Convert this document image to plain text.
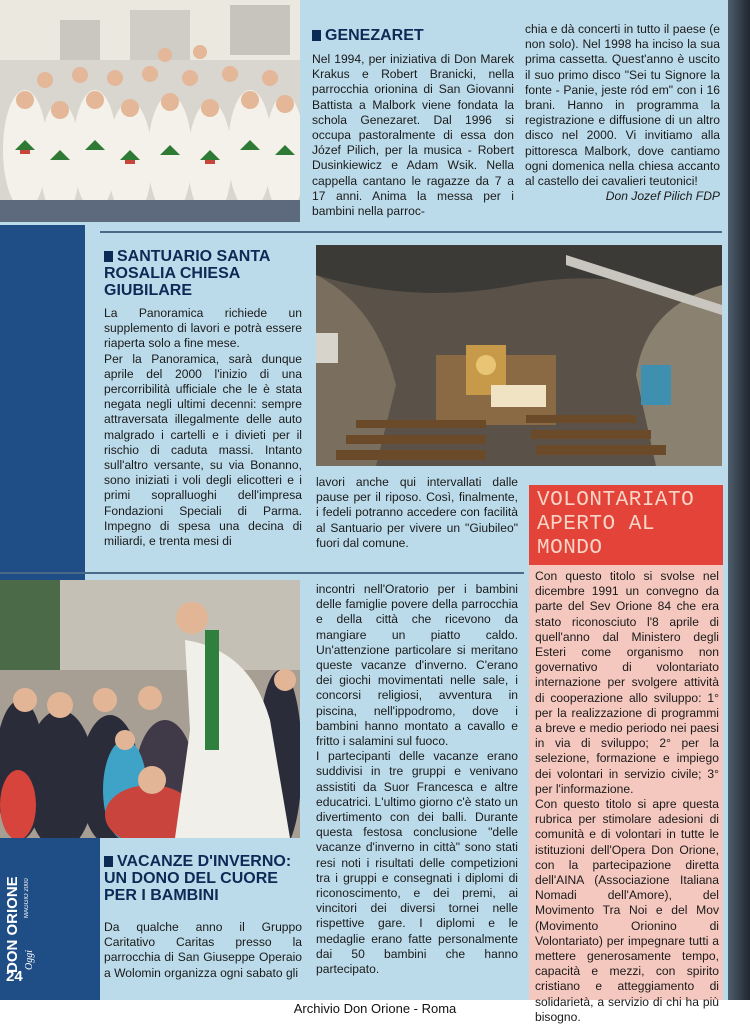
GENEZARET

Nel 1994, per iniziativa di Don Marek Krakus e Robert Branicki, nella parrocchia orionina di San Giovanni Battista a Malbork viene fondata la schola Genezaret. Dal 1996 si occupa pastoralmente di essa don Józef Pilich, per la musica - Robert Dusinkiewicz e Adam Wsik. Nella cappella cantano le ragazze da 7 a 17 anni. Anima la messa per i bambini nella parroc-

chia e dà concerti in tutto il paese (e non solo). Nel 1998 ha inciso la sua prima cassetta. Quest'anno è uscito il suo primo disco "Sei tu Signore la fonte - Panie, jeste ród em" con i 16 brani. Hanno in programma la registrazione e diffusione di un altro disco nel 2000. Vi invitiamo alla pittoresca Malbork, dove cantiamo ogni domenica nella chiesa accanto al castello dei cavalieri teutonici!

Don Jozef Pilich FDP

SANTUARIO SANTA ROSALIA CHIESA GIUBILARE

La Panoramica richiede un supplemento di lavori e potrà essere riaperta solo a fine mese.

Per la Panoramica, sarà dunque aprile del 2000 l'inizio di una percorribilità ufficiale che le è stata negata negli ultimi decenni: sempre attraversata illegalmente delle auto malgrado i cartelli e i divieti per il rischio di caduta massi. Intanto sull'altro versante, su via Bonanno, sono iniziati i voli degli elicotteri e i primi sopralluoghi dell'impresa Fondazioni Speciali di Parma. Impegno di spesa una decina di miliardi, e trenta mesi di

lavori anche qui intervallati dalle pause per il riposo. Così, finalmente, i fedeli potranno accedere con facilità al Santuario per vivere un "Giubileo" fuori dal comune.

VOLONTARIATO APERTO AL MONDO

Con questo titolo si svolse nel dicembre 1991 un convegno da parte del Sev Orione 84 che era stato riconosciuto l'8 aprile di quell'anno dal Ministero degli Esteri come organismo non governativo di volontariato internazione per svolgere attività di cooperazione allo sviluppo: 1° per la realizzazione di programmi a breve e medio periodo nei paesi in via di sviluppo; 2° per la selezione, formazione e impiego dei volontari in servizio civile; 3° per l'informazione.

Con questo titolo si apre questa rubrica per stimolare adesioni di comunità e di volontari in tutte le istituzioni dell'Opera Don Orione, con la partecipazione diretta dell'AINA (Associazione Italiana Nomadi dell'Amore), del Movimento Tra Noi e del Mov (Movimento Orionino di Volontariato) per impegnare tutti a mettere generosamente tempo, capacità e mezzi, con spirito cristiano e atteggiamento di solidarietà, a servizio di chi ha più bisogno.

DON ORIONE MAGGIO 2000
Oggi
24
VACANZE D'INVERNO: UN DONO DEL CUORE PER I BAMBINI

Da qualche anno il Gruppo Caritativo Caritas presso la parrocchia di San Giuseppe Operaio a Wolomin organizza ogni sabato gli

incontri nell'Oratorio per i bambini delle famiglie povere della parrocchia e della città che ricevono da mangiare un piatto caldo. Un'attenzione particolare si meritano queste vacanze d'inverno. C'erano dei giochi movimentati nelle sale, i concorsi religiosi, avventura in piscina, nell'ippodromo, dove i bambini hanno montato a cavallo e fritto i salamini sul fuoco.

I partecipanti delle vacanze erano suddivisi in tre gruppi e venivano assistiti da Suor Francesca e altre educatrici. L'ultimo giorno c'è stato un divertimento con dei balli. Durante questa festosa conclusione "delle vacanze d'inverno in città" sono stati resi noti i risultati delle competizioni tra i gruppi e consegnati i diplomi di riconoscimento, e dei premi, ai vincitori dei diversi tornei nelle rispettive gare. I diplomi e le medaglie erano fatte personalmente dai 50 bambini che hanno partecipato.

Archivio Don Orione - Roma
